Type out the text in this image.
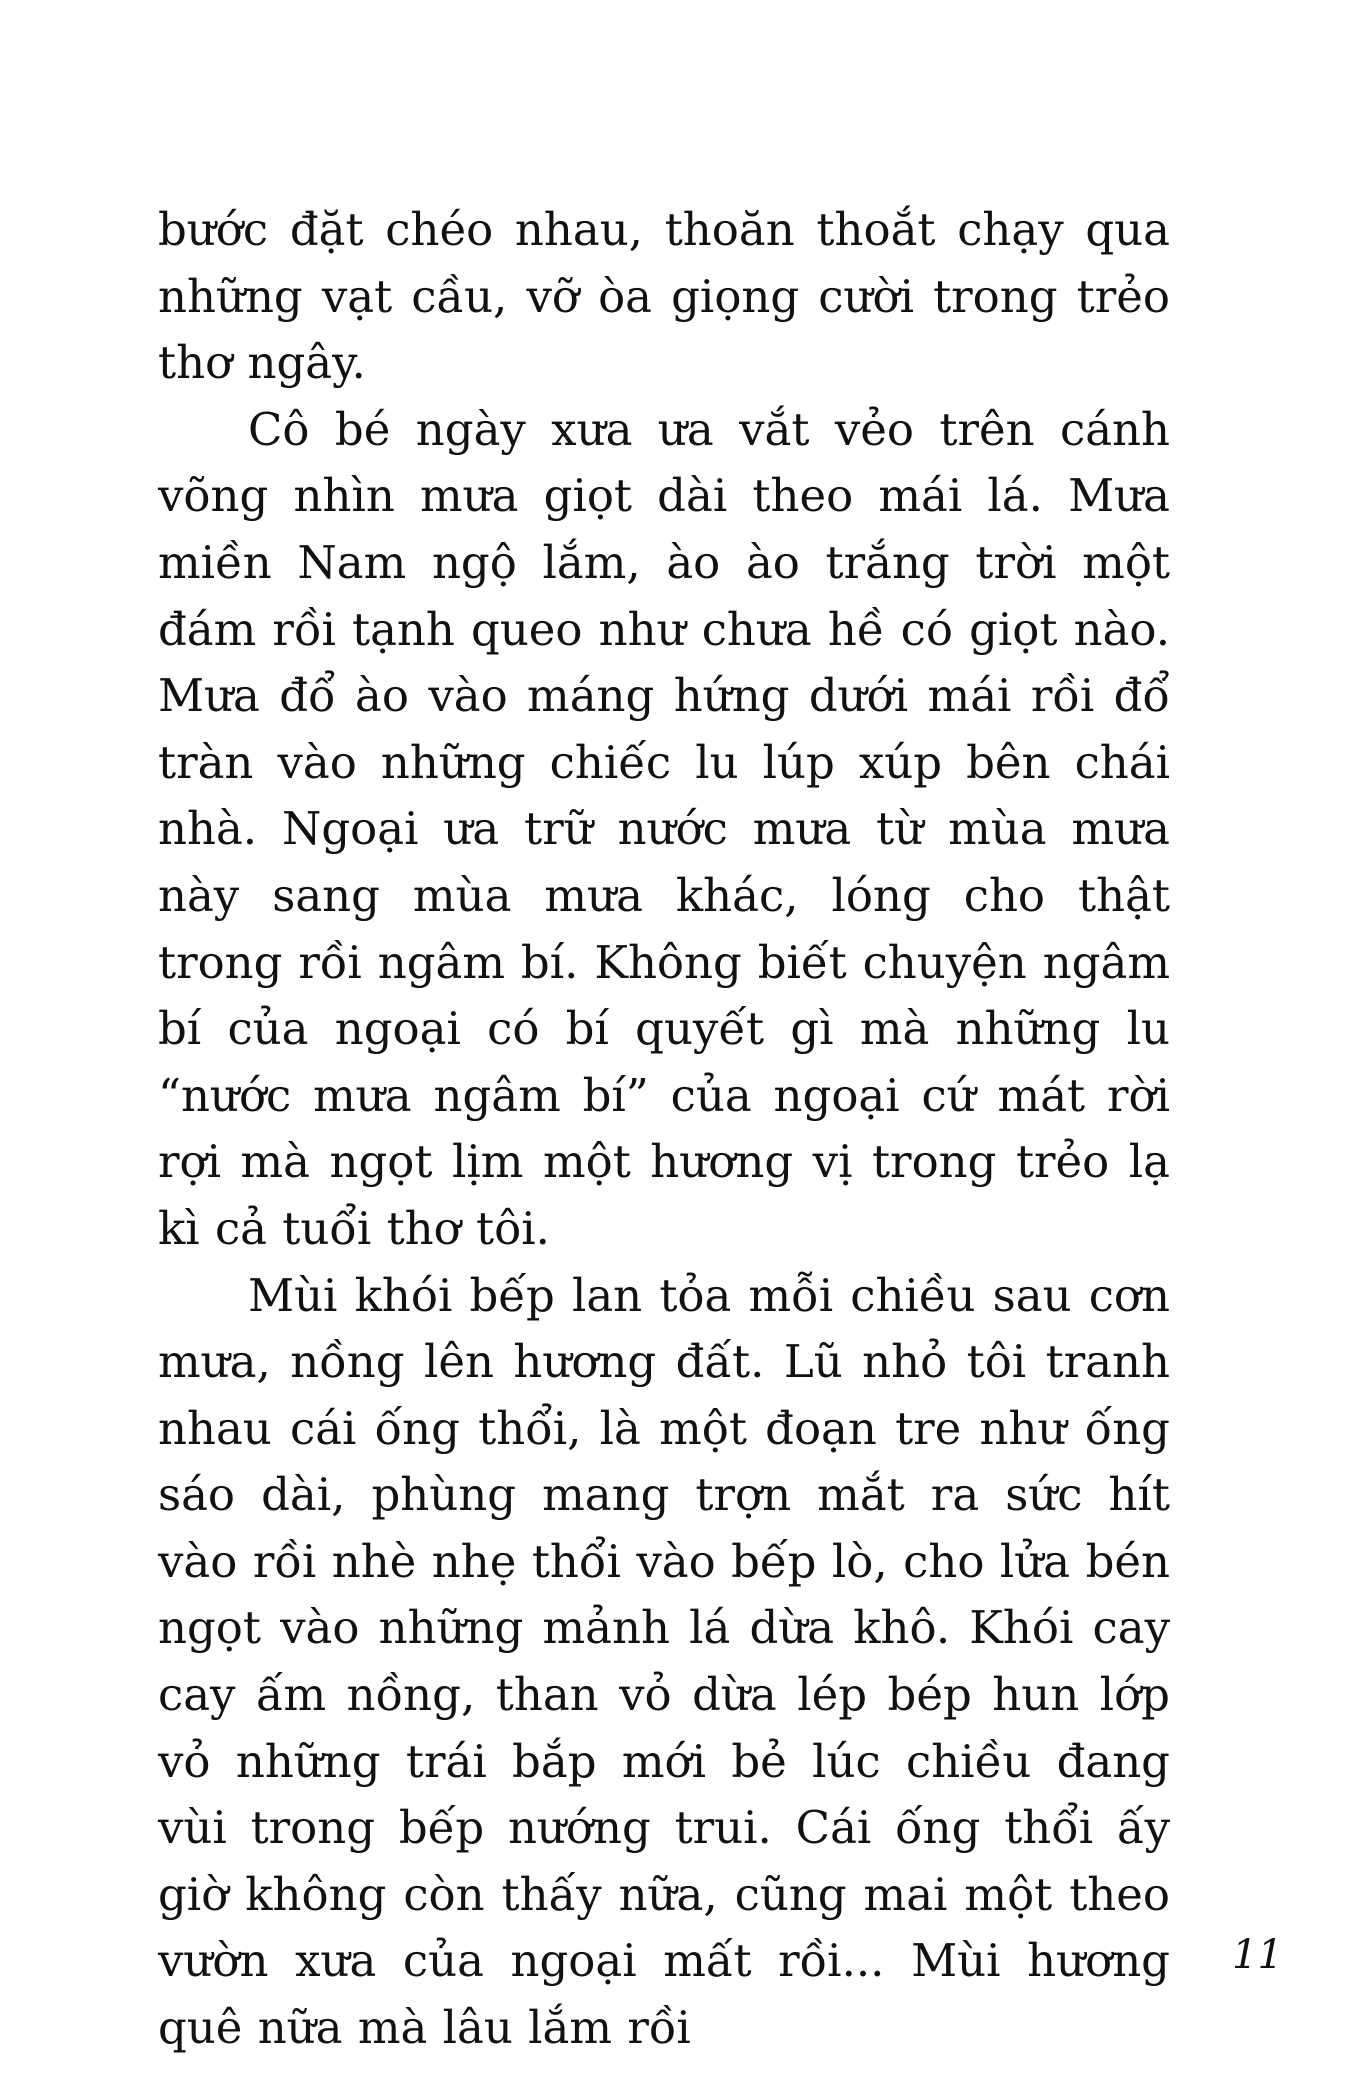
bước đặt chéo nhau, thoăn thoắt chạy qua những vạt cầu, vỡ òa giọng cười trong trẻo thơ ngây.

Cô bé ngày xưa ưa vắt vẻo trên cánh võng nhìn mưa giọt dài theo mái lá. Mưa miền Nam ngộ lắm, ào ào trắng trời một đám rồi tạnh queo như chưa hề có giọt nào. Mưa đổ ào vào máng hứng dưới mái rồi đổ tràn vào những chiếc lu lúp xúp bên chái nhà. Ngoại ưa trữ nước mưa từ mùa mưa này sang mùa mưa khác, lóng cho thật trong rồi ngâm bí. Không biết chuyện ngâm bí của ngoại có bí quyết gì mà những lu “nước mưa ngâm bí” của ngoại cứ mát rời rợi mà ngọt lịm một hương vị trong trẻo lạ kì cả tuổi thơ tôi.

Mùi khói bếp lan tỏa mỗi chiều sau cơn mưa, nồng lên hương đất. Lũ nhỏ tôi tranh nhau cái ống thổi, là một đoạn tre như ống sáo dài, phùng mang trợn mắt ra sức hít vào rồi nhè nhẹ thổi vào bếp lò, cho lửa bén ngọt vào những mảnh lá dừa khô. Khói cay cay ấm nồng, than vỏ dừa lép bép hun lớp vỏ những trái bắp mới bẻ lúc chiều đang vùi trong bếp nướng trui. Cái ống thổi ấy giờ không còn thấy nữa, cũng mai một theo vườn xưa của ngoại mất rồi... Mùi hương quê nữa mà lâu lắm rồi

11
